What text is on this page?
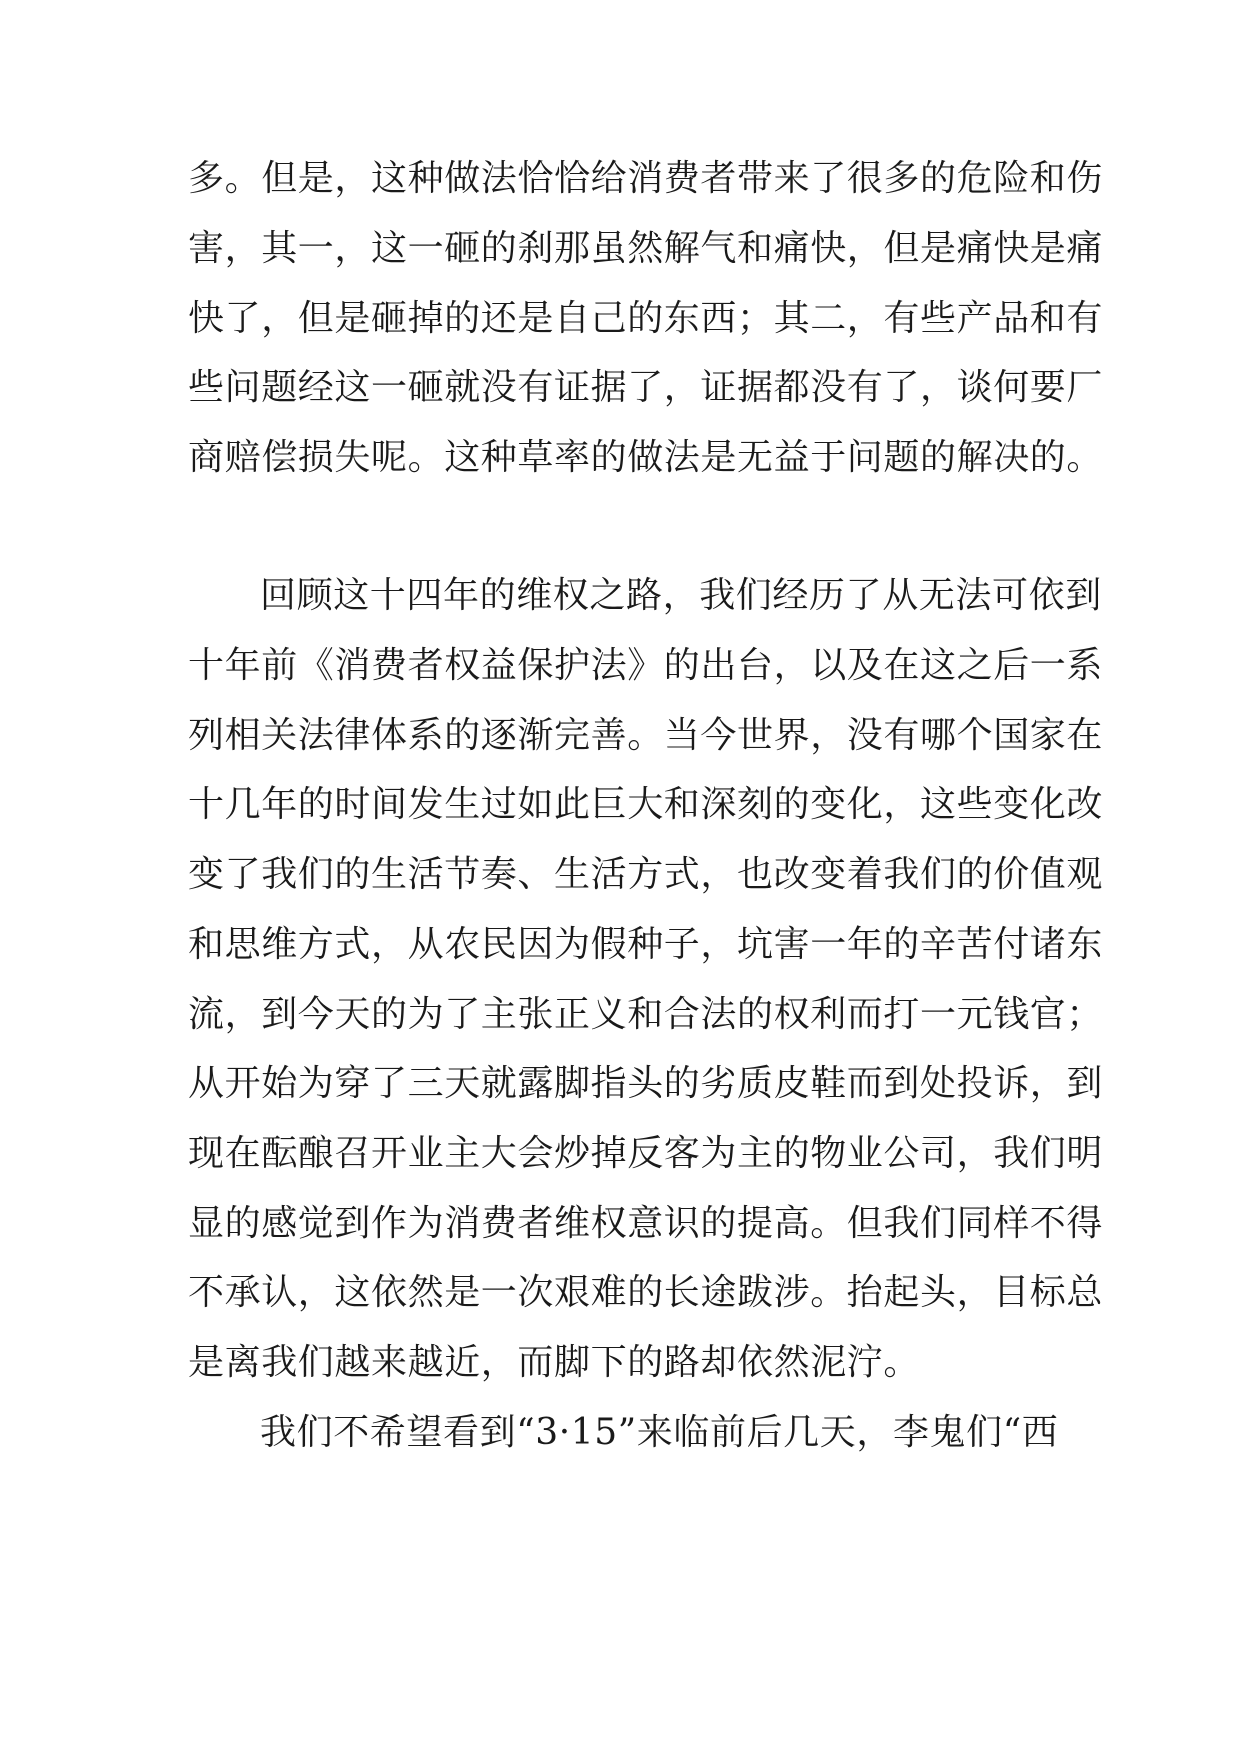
多。但是，这种做法恰恰给消费者带来了很多的危险和伤

害，其一，这一砸的刹那虽然解气和痛快，但是痛快是痛

快了，但是砸掉的还是自己的东西；其二，有些产品和有

些问题经这一砸就没有证据了，证据都没有了，谈何要厂

商赔偿损失呢。这种草率的做法是无益于问题的解决的。

回顾这十四年的维权之路，我们经历了从无法可依到

十年前《消费者权益保护法》的出台，以及在这之后一系

列相关法律体系的逐渐完善。当今世界，没有哪个国家在

十几年的时间发生过如此巨大和深刻的变化，这些变化改

变了我们的生活节奏、生活方式，也改变着我们的价值观

和思维方式，从农民因为假种子，坑害一年的辛苦付诸东

流，到今天的为了主张正义和合法的权利而打一元钱官；

从开始为穿了三天就露脚指头的劣质皮鞋而到处投诉，到

现在酝酿召开业主大会炒掉反客为主的物业公司，我们明

显的感觉到作为消费者维权意识的提高。但我们同样不得

不承认，这依然是一次艰难的长途跋涉。抬起头，目标总

是离我们越来越近，而脚下的路却依然泥泞。

我们不希望看到“3·15”来临前后几天，李鬼们“西
